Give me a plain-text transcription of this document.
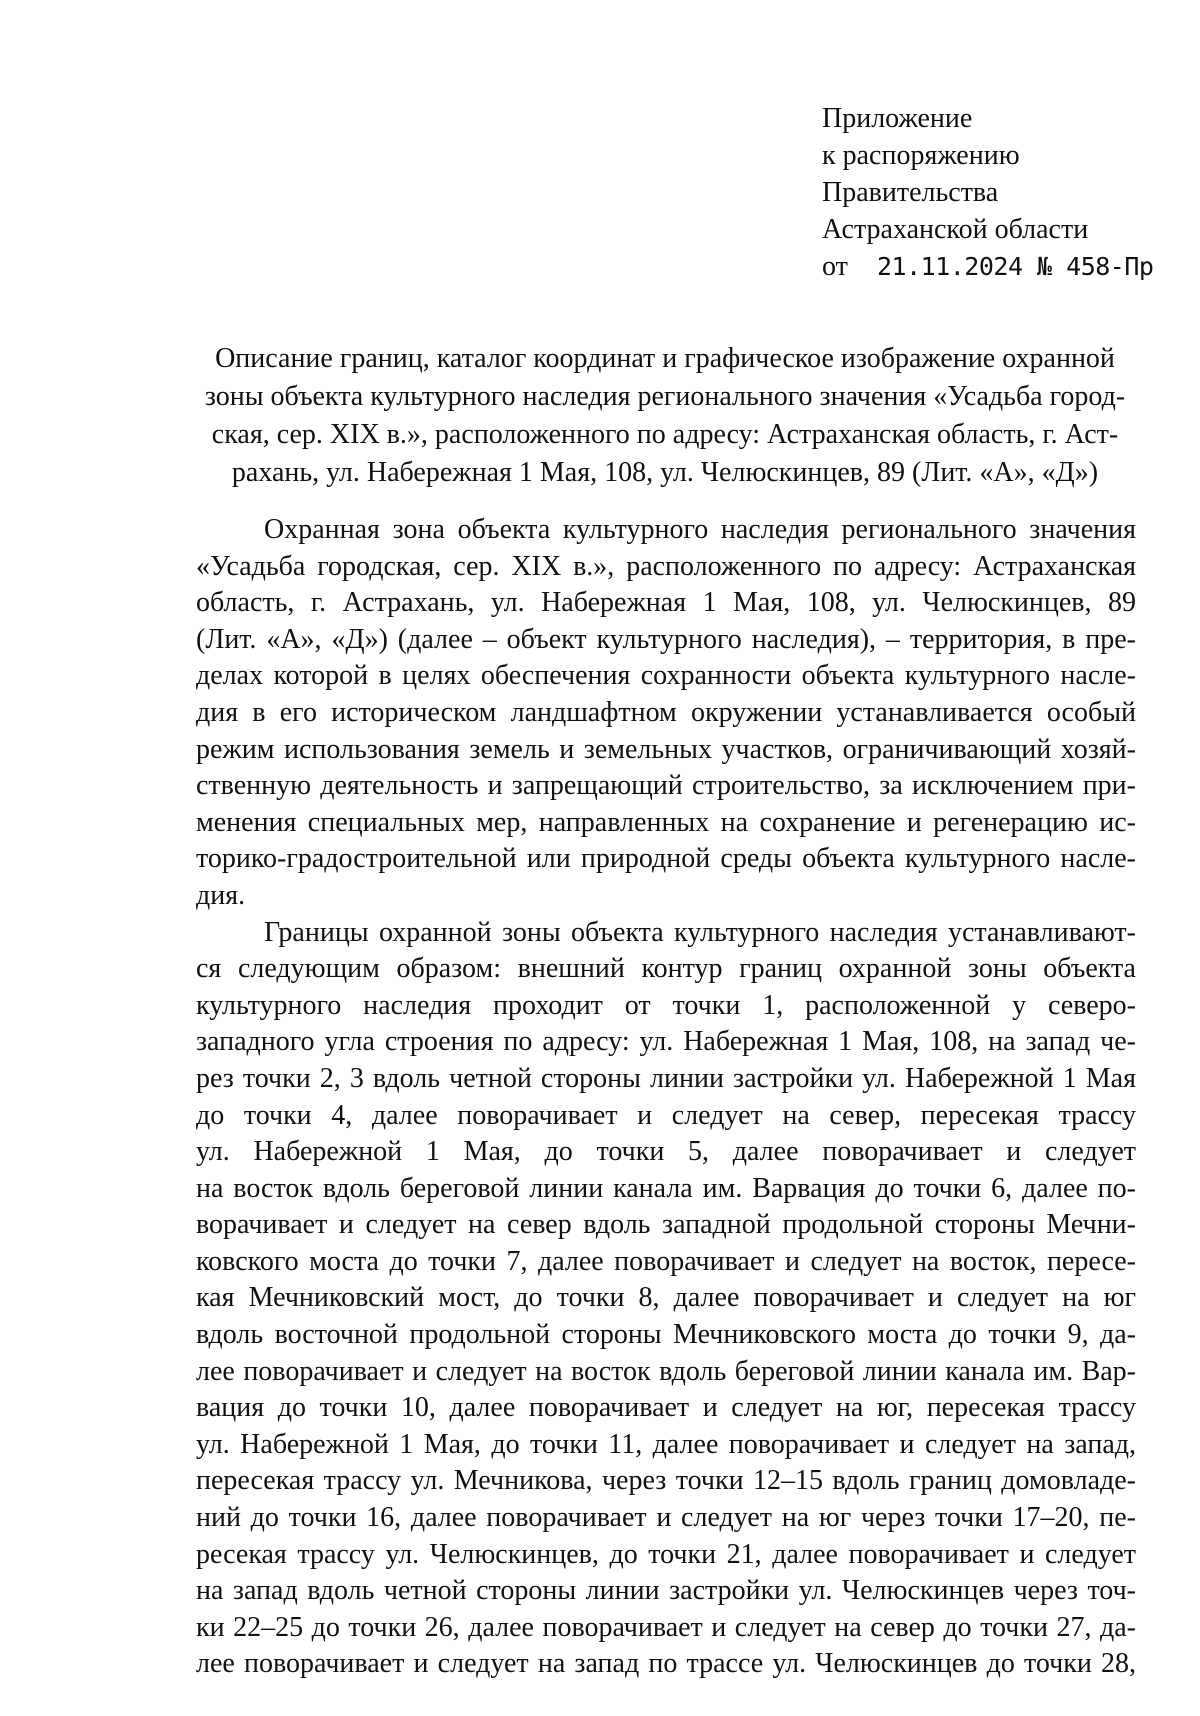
Приложение
к распоряжению
Правительства
Астраханской области
от 21.11.2024 № 458-Пр
Описание границ, каталог координат и графическое изображение охранной
зоны объекта культурного наследия регионального значения «Усадьба город-
ская, сер. XIX в.», расположенного по адресу: Астраханская область, г. Аст-
рахань, ул. Набережная 1 Мая, 108, ул. Челюскинцев, 89 (Лит. «А», «Д»)
Охранная зона объекта культурного наследия регионального значения
«Усадьба городская, сер. XIX в.», расположенного по адресу: Астраханская
область, г. Астрахань, ул. Набережная 1 Мая, 108, ул. Челюскинцев, 89
(Лит. «А», «Д») (далее – объект культурного наследия), – территория, в пре-
делах которой в целях обеспечения сохранности объекта культурного насле-
дия в его историческом ландшафтном окружении устанавливается особый
режим использования земель и земельных участков, ограничивающий хозяй-
ственную деятельность и запрещающий строительство, за исключением при-
менения специальных мер, направленных на сохранение и регенерацию ис-
торико-градостроительной или природной среды объекта культурного насле-
дия.
Границы охранной зоны объекта культурного наследия устанавливают-
ся следующим образом: внешний контур границ охранной зоны объекта
культурного наследия проходит от точки 1, расположенной у северо-
западного угла строения по адресу: ул. Набережная 1 Мая, 108, на запад че-
рез точки 2, 3 вдоль четной стороны линии застройки ул. Набережной 1 Мая
до точки 4, далее поворачивает и следует на север, пересекая трассу
ул. Набережной 1 Мая, до точки 5, далее поворачивает и следует
на восток вдоль береговой линии канала им. Варвация до точки 6, далее по-
ворачивает и следует на север вдоль западной продольной стороны Мечни-
ковского моста до точки 7, далее поворачивает и следует на восток, пересе-
кая Мечниковский мост, до точки 8, далее поворачивает и следует на юг
вдоль восточной продольной стороны Мечниковского моста до точки 9, да-
лее поворачивает и следует на восток вдоль береговой линии канала им. Вар-
вация до точки 10, далее поворачивает и следует на юг, пересекая трассу
ул. Набережной 1 Мая, до точки 11, далее поворачивает и следует на запад,
пересекая трассу ул. Мечникова, через точки 12–15 вдоль границ домовладе-
ний до точки 16, далее поворачивает и следует на юг через точки 17–20, пе-
ресекая трассу ул. Челюскинцев, до точки 21, далее поворачивает и следует
на запад вдоль четной стороны линии застройки ул. Челюскинцев через точ-
ки 22–25 до точки 26, далее поворачивает и следует на север до точки 27, да-
лее поворачивает и следует на запад по трассе ул. Челюскинцев до точки 28,
